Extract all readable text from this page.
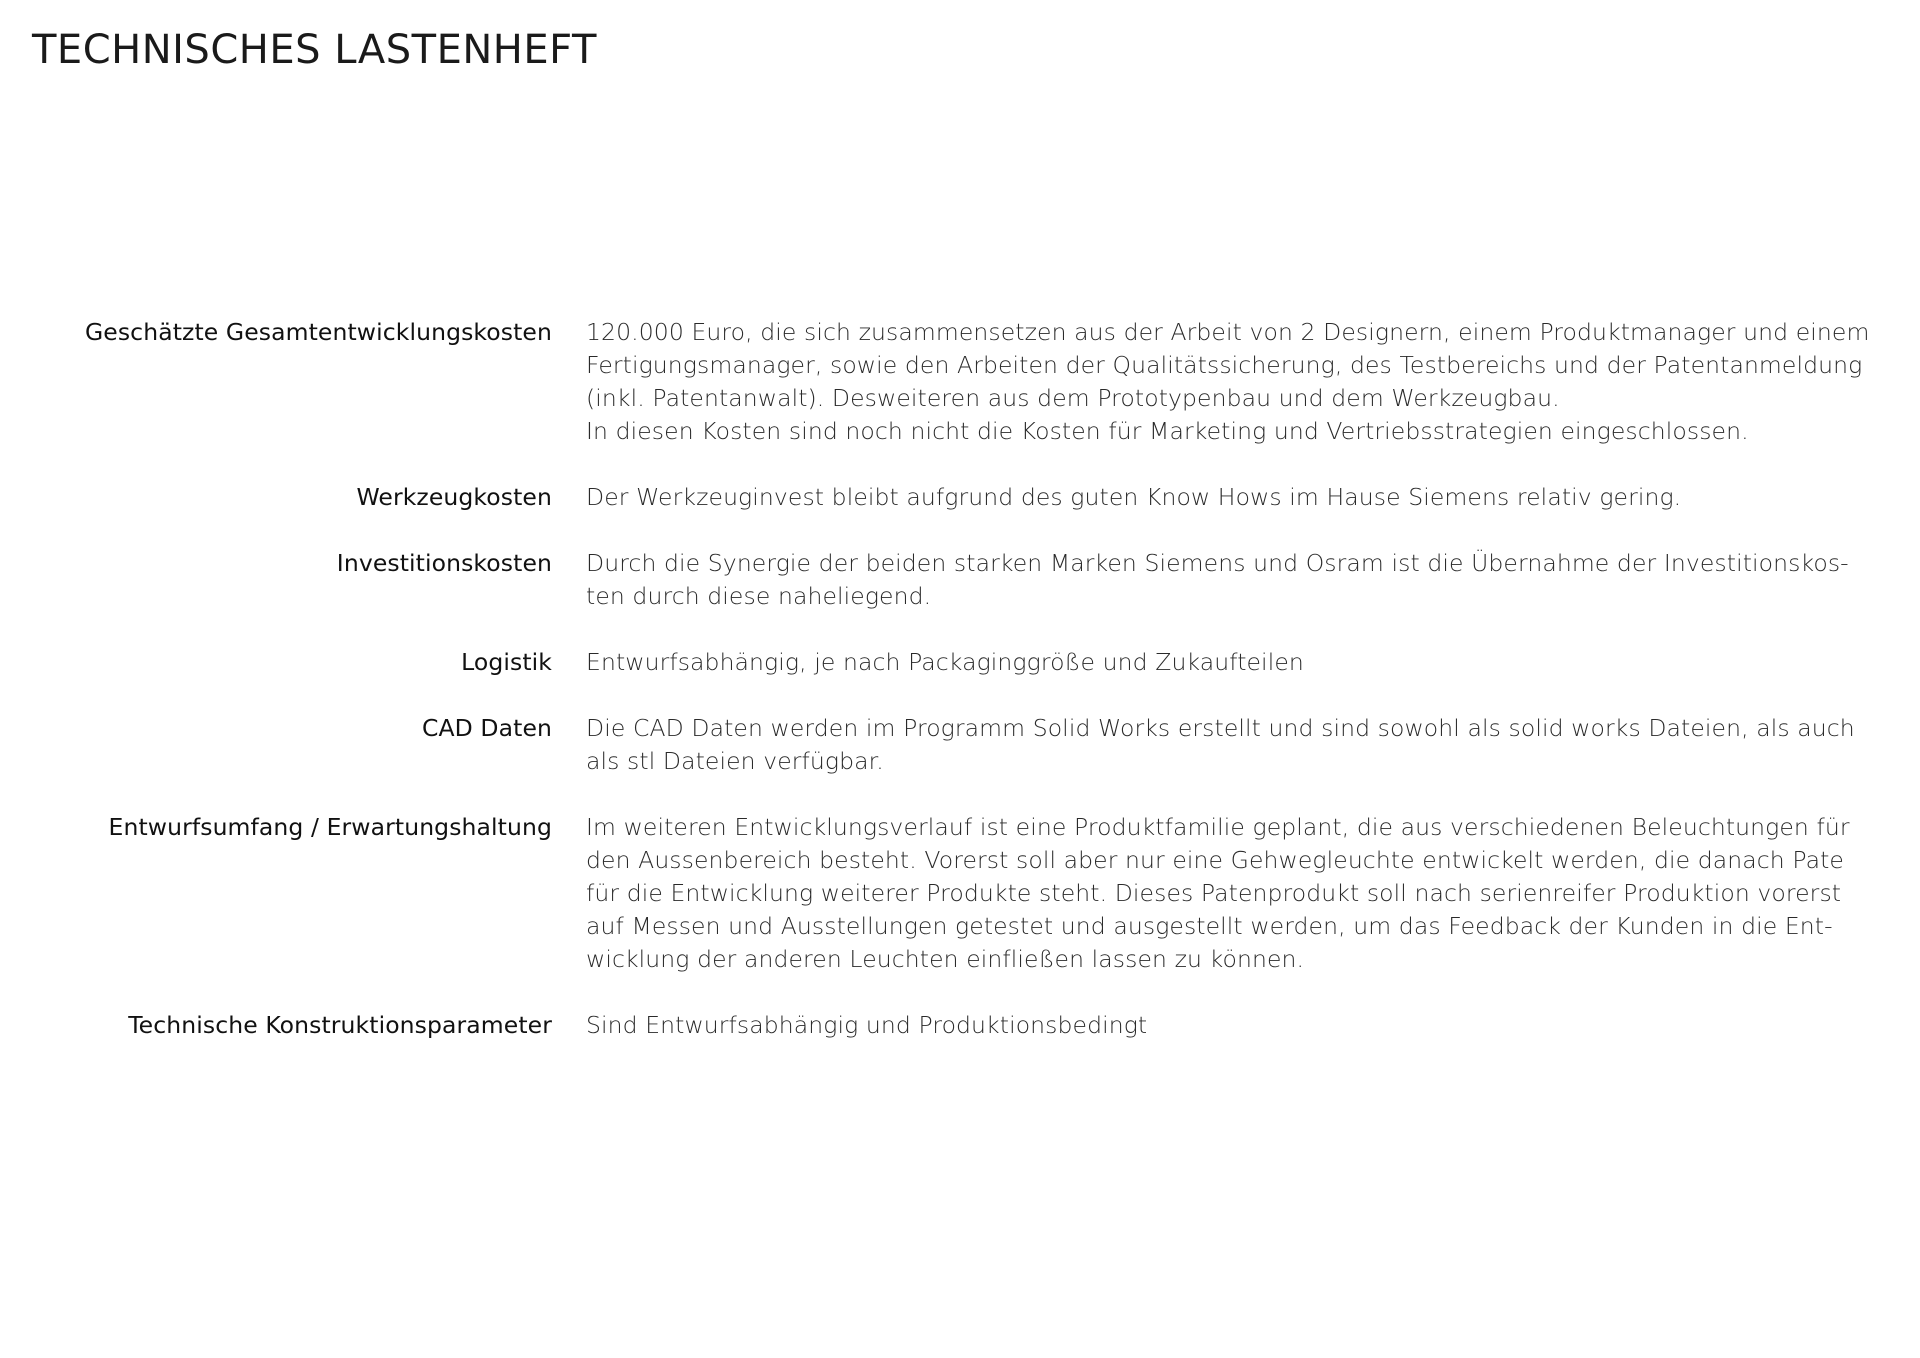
TECHNISCHES LASTENHEFT
Geschätzte Gesamtentwicklungskosten 120.000 Euro, die sich zusammensetzen aus der Arbeit von 2 Designern, einem Produktmanager und einem
Fertigungsmanager, sowie den Arbeiten der Qualitätssicherung, des Testbereichs und der Patentanmeldung
(inkl. Patentanwalt). Desweiteren aus dem Prototypenbau und dem Werkzeugbau.
In diesen Kosten sind noch nicht die Kosten für Marketing und Vertriebsstrategien eingeschlossen.
Werkzeugkosten Der Werkzeuginvest bleibt aufgrund des guten Know Hows im Hause Siemens relativ gering.
Investitionskosten Durch die Synergie der beiden starken Marken Siemens und Osram ist die Übernahme der Investitionskos-
ten durch diese naheliegend.
Logistik Entwurfsabhängig, je nach Packaginggröße und Zukaufteilen
CAD Daten Die CAD Daten werden im Programm Solid Works erstellt und sind sowohl als solid works Dateien, als auch
als stl Dateien verfügbar.
Entwurfsumfang / Erwartungshaltung Im weiteren Entwicklungsverlauf ist eine Produktfamilie geplant, die aus verschiedenen Beleuchtungen für
den Aussenbereich besteht. Vorerst soll aber nur eine Gehwegleuchte entwickelt werden, die danach Pate
für die Entwicklung weiterer Produkte steht. Dieses Patenprodukt soll nach serienreifer Produktion vorerst
auf Messen und Ausstellungen getestet und ausgestellt werden, um das Feedback der Kunden in die Ent-
wicklung der anderen Leuchten einfließen lassen zu können.
Technische Konstruktionsparameter Sind Entwurfsabhängig und Produktionsbedingt
